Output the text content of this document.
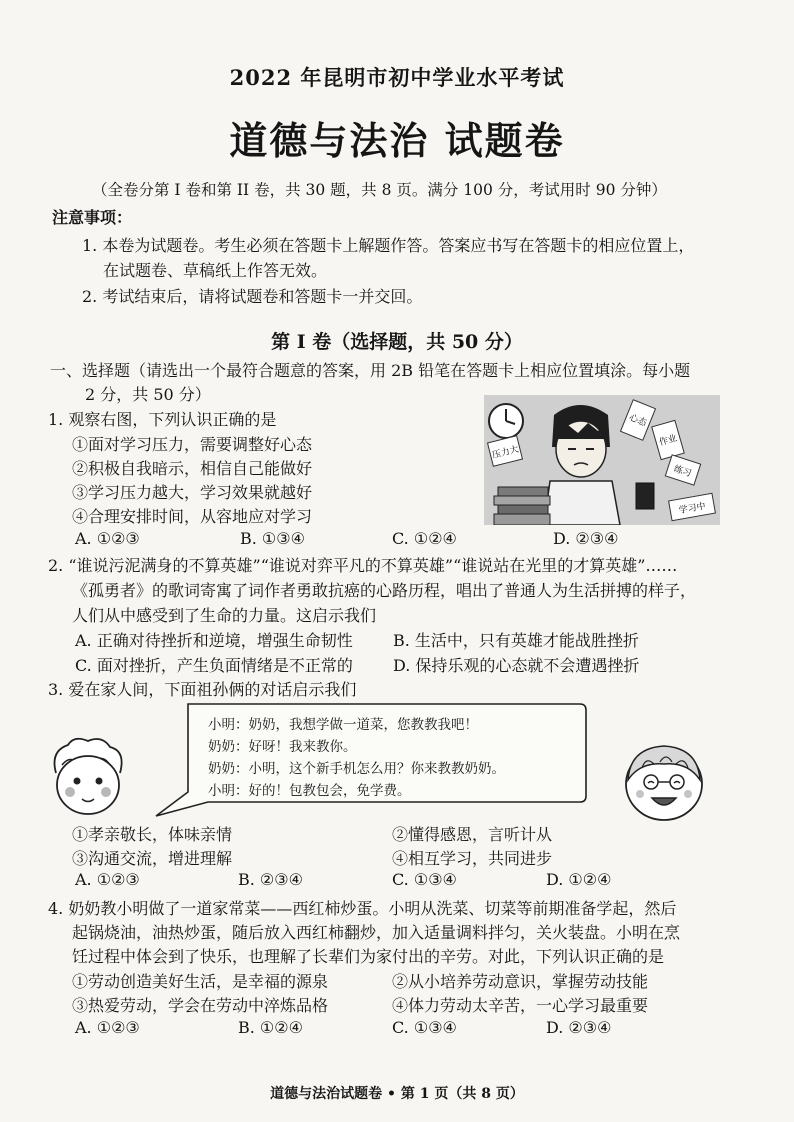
2022 年昆明市初中学业水平考试
道德与法治 试题卷
（全卷分第 I 卷和第 II 卷，共 30 题，共 8 页。满分 100 分，考试用时 90 分钟）
注意事项：
1. 本卷为试题卷。考生必须在答题卡上解题作答。答案应书写在答题卡的相应位置上，
在试题卷、草稿纸上作答无效。
2. 考试结束后，请将试题卷和答题卡一并交回。
第 I 卷（选择题，共 50 分）
一、选择题（请选出一个最符合题意的答案，用 2B 铅笔在答题卡上相应位置填涂。每小题
2 分，共 50 分）
1. 观察右图，下列认识正确的是
①面对学习压力，需要调整好心态
②积极自我暗示，相信自己能做好
③学习压力越大，学习效果就越好
④合理安排时间，从容地应对学习
A. ①②③	B. ①③④	C. ①②④	D. ②③④
压力大
心态
作业
练习
学习中
2. “谁说污泥满身的不算英雄”“谁说对弈平凡的不算英雄”“谁说站在光里的才算英雄”……
《孤勇者》的歌词寄寓了词作者勇敢抗癌的心路历程，唱出了普通人为生活拼搏的样子，
人们从中感受到了生命的力量。这启示我们
A. 正确对待挫折和逆境，增强生命韧性	B. 生活中，只有英雄才能战胜挫折
C. 面对挫折，产生负面情绪是不正常的	D. 保持乐观的心态就不会遭遇挫折
3. 爱在家人间，下面祖孙俩的对话启示我们
小明：奶奶，我想学做一道菜，您教教我吧！
奶奶：好呀！我来教你。
奶奶：小明，这个新手机怎么用？你来教教奶奶。
小明：好的！包教包会，免学费。
①孝亲敬长，体味亲情	②懂得感恩，言听计从
③沟通交流，增进理解	④相互学习，共同进步
A. ①②③	B. ②③④	C. ①③④	D. ①②④
4. 奶奶教小明做了一道家常菜——西红柿炒蛋。小明从洗菜、切菜等前期准备学起，然后
起锅烧油，油热炒蛋，随后放入西红柿翻炒，加入适量调料拌匀，关火装盘。小明在烹
饪过程中体会到了快乐，也理解了长辈们为家付出的辛劳。对此，下列认识正确的是
①劳动创造美好生活，是幸福的源泉	②从小培养劳动意识，掌握劳动技能
③热爱劳动，学会在劳动中淬炼品格	④体力劳动太辛苦，一心学习最重要
A. ①②③	B. ①②④	C. ①③④	D. ②③④
道德与法治试题卷 • 第 1 页（共 8 页）
